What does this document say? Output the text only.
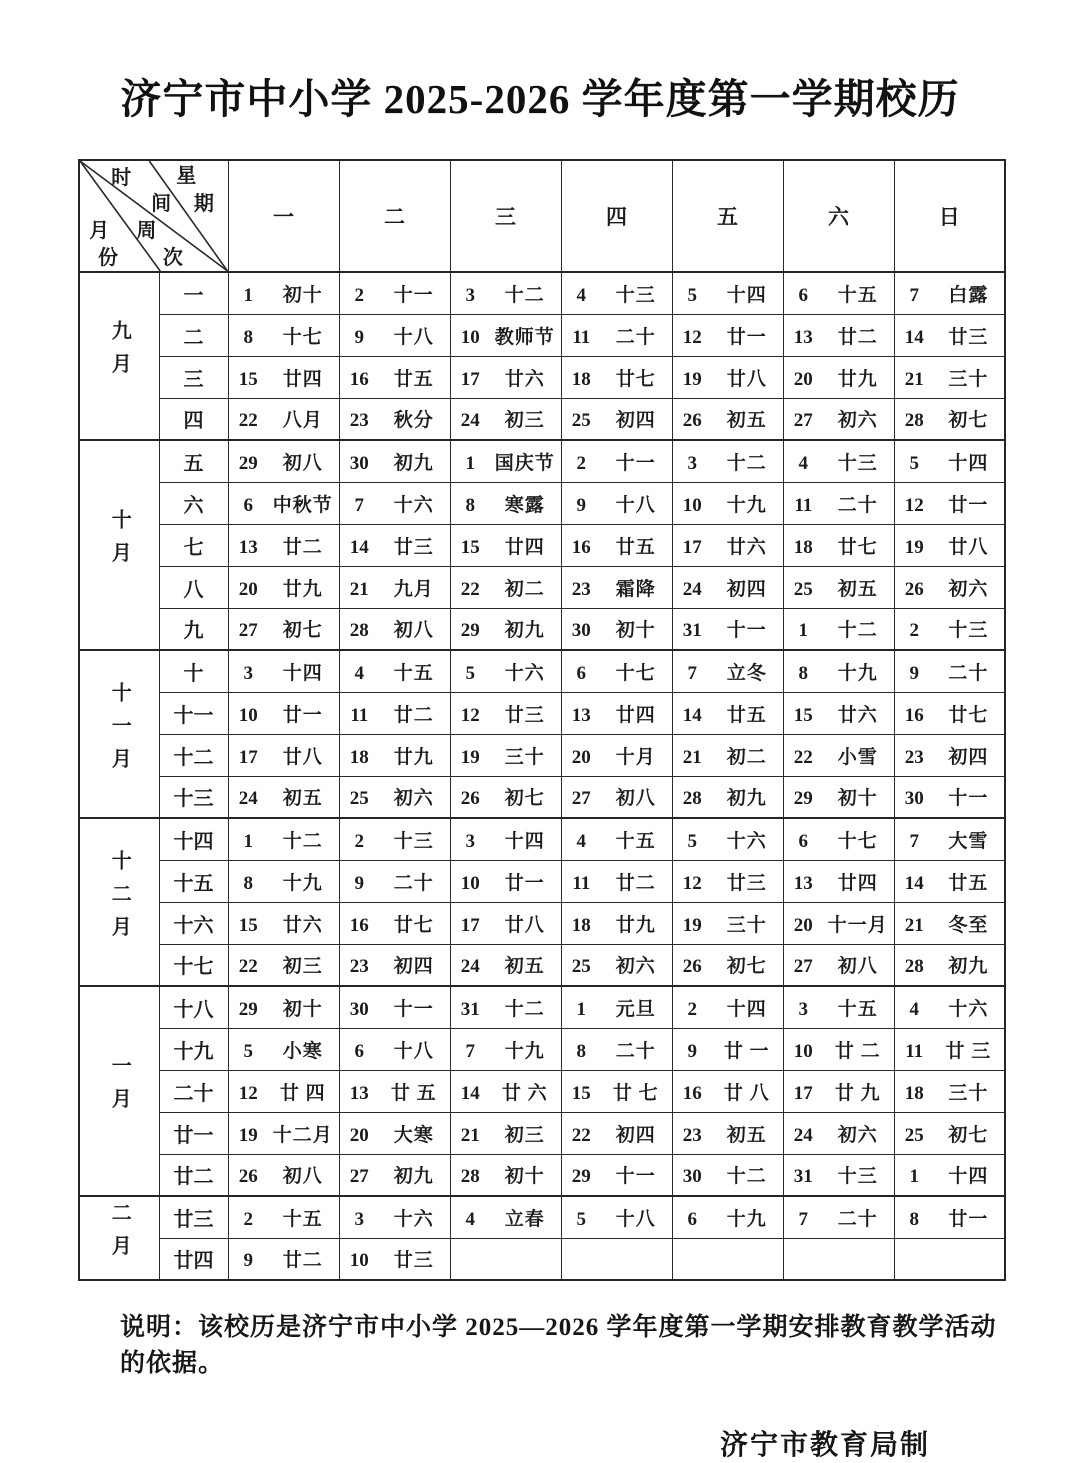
济宁市中小学 2025-2026 学年度第一学期校历
时
间
星
期
月
份
周
次
	一	二	三	四	五	六	日
九月	一	1 初十	2 十一	3 十二	4 十三	5 十四	6 十五	7 白露
	二	8 十七	9 十八	10 教师节	11 二十	12 廿一	13 廿二	14 廿三
	三	15 廿四	16 廿五	17 廿六	18 廿七	19 廿八	20 廿九	21 三十
	四	22 八月	23 秋分	24 初三	25 初四	26 初五	27 初六	28 初七
十月	五	29 初八	30 初九	1 国庆节	2 十一	3 十二	4 十三	5 十四
	六	6 中秋节	7 十六	8 寒露	9 十八	10 十九	11 二十	12 廿一
	七	13 廿二	14 廿三	15 廿四	16 廿五	17 廿六	18 廿七	19 廿八
	八	20 廿九	21 九月	22 初二	23 霜降	24 初四	25 初五	26 初六
	九	27 初七	28 初八	29 初九	30 初十	31 十一	1 十二	2 十三
十一月	十	3 十四	4 十五	5 十六	6 十七	7 立冬	8 十九	9 二十
	十一	10 廿一	11 廿二	12 廿三	13 廿四	14 廿五	15 廿六	16 廿七
	十二	17 廿八	18 廿九	19 三十	20 十月	21 初二	22 小雪	23 初四
	十三	24 初五	25 初六	26 初七	27 初八	28 初九	29 初十	30 十一
十二月	十四	1 十二	2 十三	3 十四	4 十五	5 十六	6 十七	7 大雪
	十五	8 十九	9 二十	10 廿一	11 廿二	12 廿三	13 廿四	14 廿五
	十六	15 廿六	16 廿七	17 廿八	18 廿九	19 三十	20 十一月	21 冬至
	十七	22 初三	23 初四	24 初五	25 初六	26 初七	27 初八	28 初九
一月	十八	29 初十	30 十一	31 十二	1 元旦	2 十四	3 十五	4 十六
	十九	5 小寒	6 十八	7 十九	8 二十	9 廿 一	10 廿 二	11 廿 三
	二十	12 廿 四	13 廿 五	14 廿 六	15 廿 七	16 廿 八	17 廿 九	18 三十
	廿一	19 十二月	20 大寒	21 初三	22 初四	23 初五	24 初六	25 初七
	廿二	26 初八	27 初九	28 初十	29 十一	30 十二	31 十三	1 十四
二月	廿三	2 十五	3 十六	4 立春	5 十八	6 十九	7 二十	8 廿一
	廿四	9 廿二	10 廿三					

说明：该校历是济宁市中小学 2025—2026 学年度第一学期安排教育教学活动的依据。

济宁市教育局制
